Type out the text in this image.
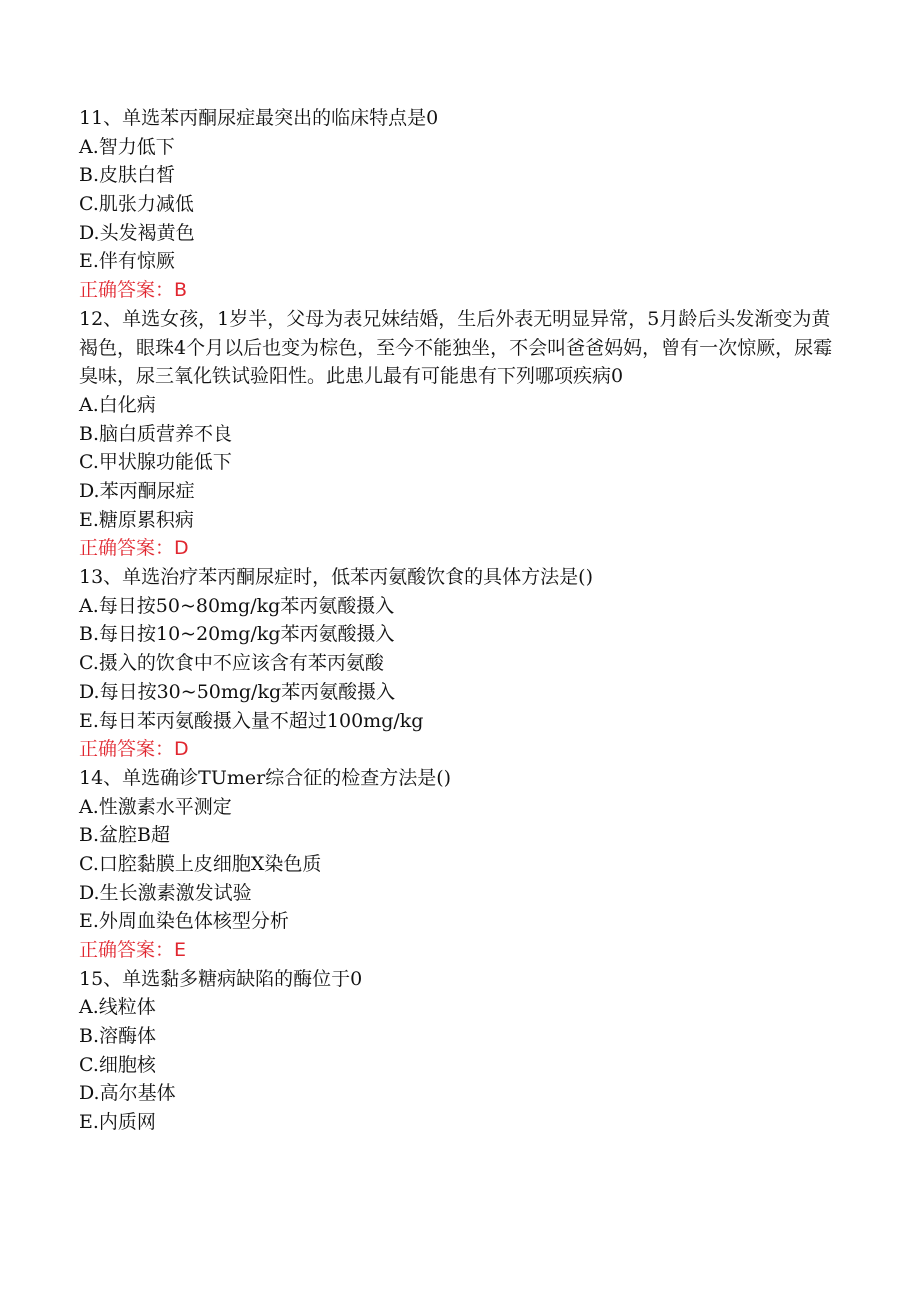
11、单选苯丙酮尿症最突出的临床特点是0
A.智力低下
B.皮肤白皙
C.肌张力减低
D.头发褐黄色
E.伴有惊厥
正确答案：B
12、单选女孩，1岁半，父母为表兄妹结婚，生后外表无明显异常，5月龄后头发渐变为黄褐色，眼珠4个月以后也变为棕色，至今不能独坐，不会叫爸爸妈妈，曾有一次惊厥，尿霉臭味，尿三氧化铁试验阳性。此患儿最有可能患有下列哪项疾病0
A.白化病
B.脑白质营养不良
C.甲状腺功能低下
D.苯丙酮尿症
E.糖原累积病
正确答案：D
13、单选治疗苯丙酮尿症时，低苯丙氨酸饮食的具体方法是()
A.每日按50~80mg/kg苯丙氨酸摄入
B.每日按10~20mg/kg苯丙氨酸摄入
C.摄入的饮食中不应该含有苯丙氨酸
D.每日按30~50mg/kg苯丙氨酸摄入
E.每日苯丙氨酸摄入量不超过100mg/kg
正确答案：D
14、单选确诊TUmer综合征的检查方法是()
A.性激素水平测定
B.盆腔B超
C.口腔黏膜上皮细胞X染色质
D.生长激素激发试验
E.外周血染色体核型分析
正确答案：E
15、单选黏多糖病缺陷的酶位于0
A.线粒体
B.溶酶体
C.细胞核
D.高尔基体
E.内质网
